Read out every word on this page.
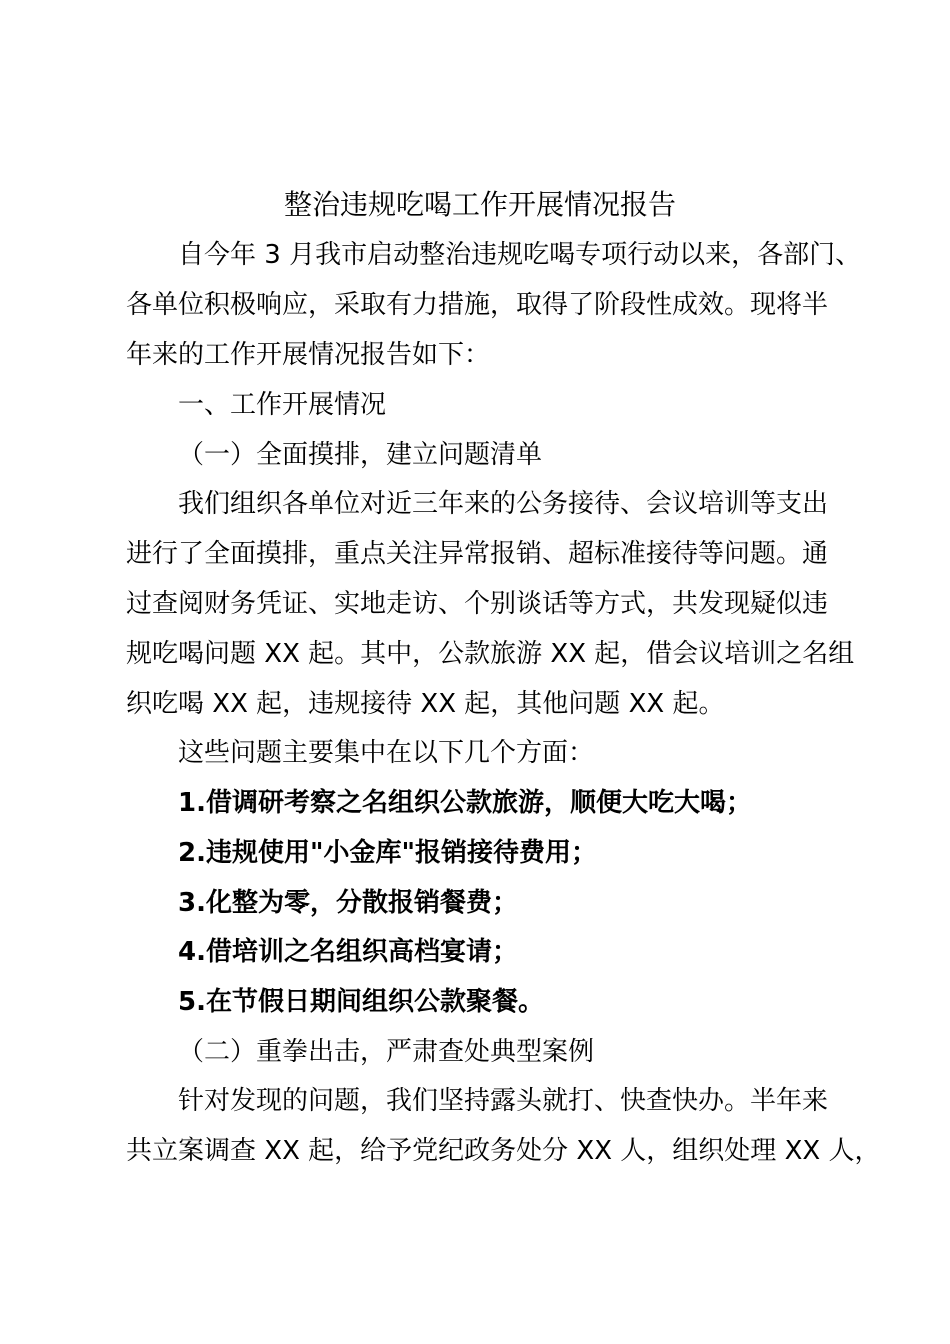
整治违规吃喝工作开展情况报告
自今年 3 月我市启动整治违规吃喝专项行动以来，各部门、
各单位积极响应，采取有力措施，取得了阶段性成效。现将半
年来的工作开展情况报告如下：
一、工作开展情况
（一）全面摸排，建立问题清单
我们组织各单位对近三年来的公务接待、会议培训等支出
进行了全面摸排，重点关注异常报销、超标准接待等问题。通
过查阅财务凭证、实地走访、个别谈话等方式，共发现疑似违
规吃喝问题 XX 起。其中，公款旅游 XX 起，借会议培训之名组
织吃喝 XX 起，违规接待 XX 起，其他问题 XX 起。
这些问题主要集中在以下几个方面：
1.借调研考察之名组织公款旅游，顺便大吃大喝；
2.违规使用"小金库"报销接待费用；
3.化整为零，分散报销餐费；
4.借培训之名组织高档宴请；
5.在节假日期间组织公款聚餐。
（二）重拳出击，严肃查处典型案例
针对发现的问题，我们坚持露头就打、快查快办。半年来
共立案调查 XX 起，给予党纪政务处分 XX 人，组织处理 XX 人，
